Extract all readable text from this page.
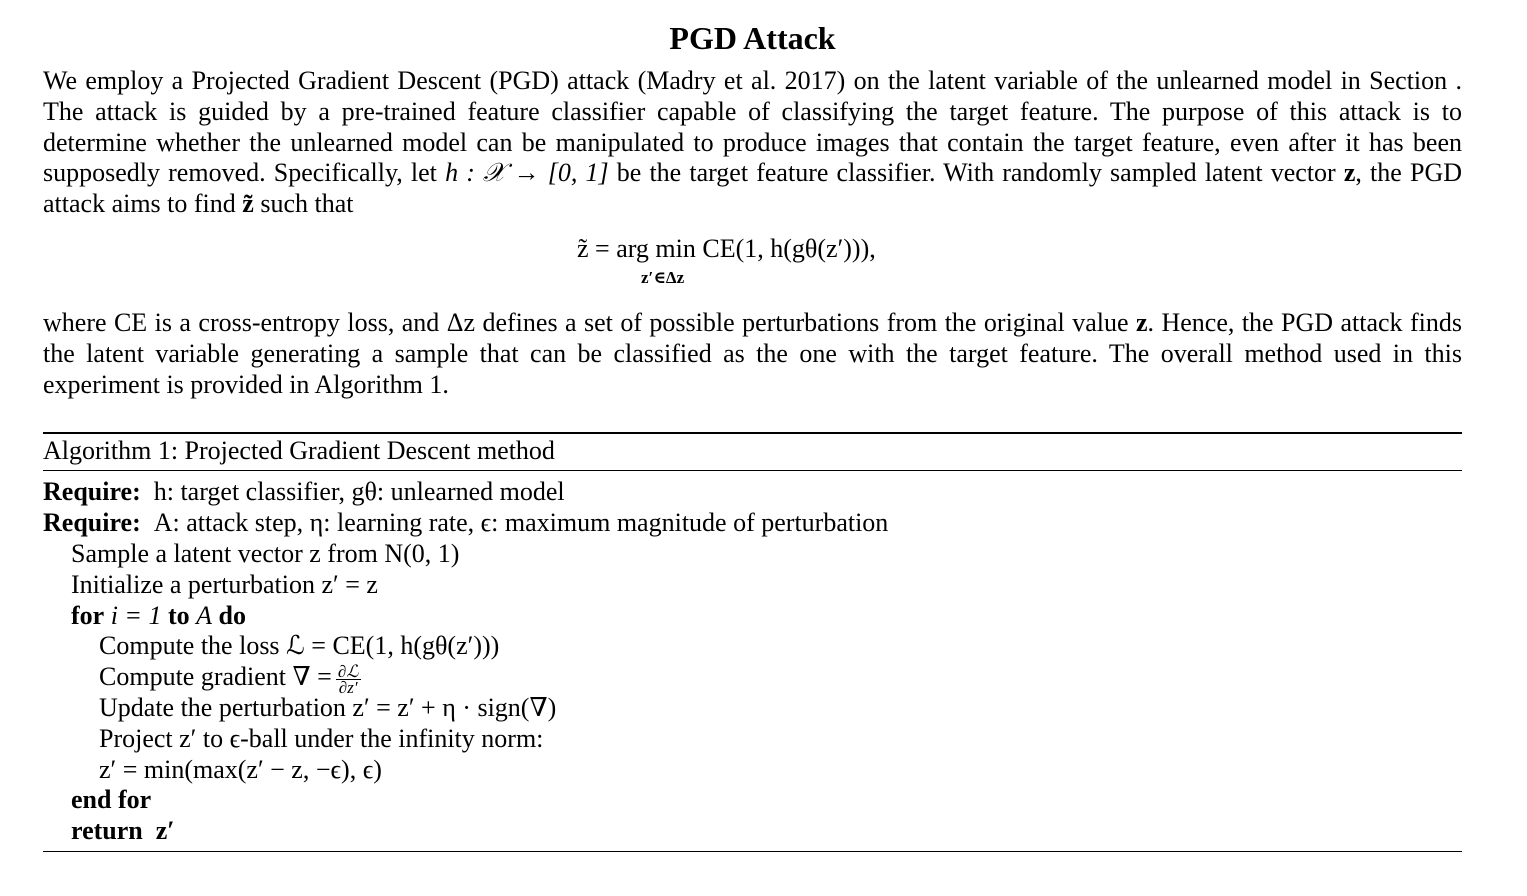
PGD Attack

We employ a Projected Gradient Descent (PGD) attack (Madry et al. 2017) on the latent variable of the unlearned model in Section . The attack is guided by a pre-trained feature classifier capable of classifying the target feature. The purpose of this attack is to determine whether the unlearned model can be manipulated to produce images that contain the target feature, even after it has been supposedly removed. Specifically, let h : 𝒳 → [0, 1] be the target feature classifier. With randomly sampled latent vector z, the PGD attack aims to find z̃ such that

z̃ = arg min CE(1, h(gθ(z′))),
z′∈Δz

where CE is a cross-entropy loss, and Δz defines a set of possible perturbations from the original value z. Hence, the PGD attack finds the latent variable generating a sample that can be classified as the one with the target feature. The overall method used in this experiment is provided in Algorithm 1.

Algorithm 1: Projected Gradient Descent method
Require: h: target classifier, gθ: unlearned model
Require: A: attack step, η: learning rate, ϵ: maximum magnitude of perturbation
Sample a latent vector z from N(0, 1)
Initialize a perturbation z′ = z
for i = 1 to A do
Compute the loss ℒ = CE(1, h(gθ(z′)))
Compute gradient ∇ = $\frac{\text{∂ℒ}}{\partial z'}$
Update the perturbation z′ = z′ + η · sign(∇)
Project z′ to ϵ-ball under the infinity norm:
z′ = min(max(z′ − z, −ϵ), ϵ)
end for
return z′
